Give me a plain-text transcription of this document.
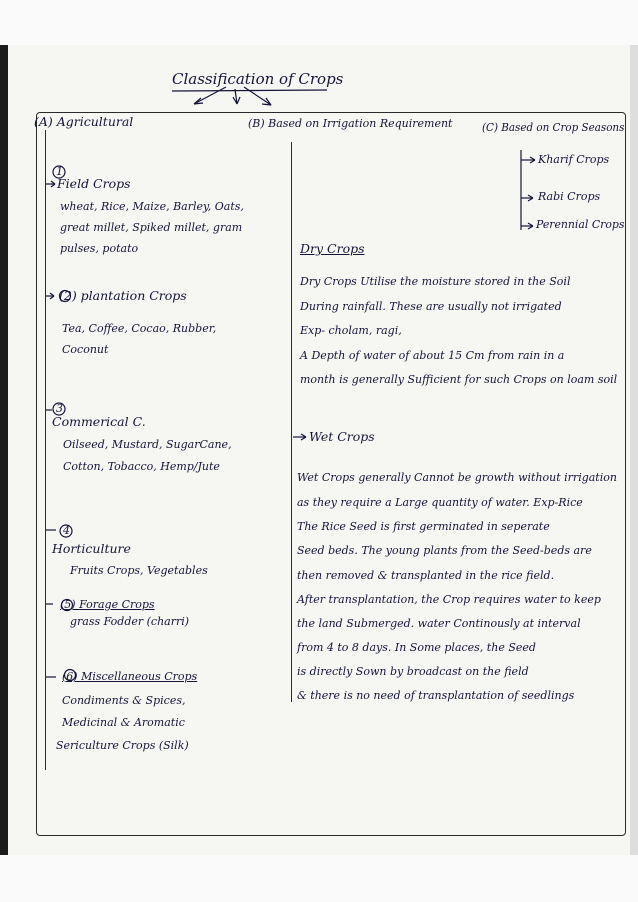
Classification of Crops
(A) Agricultural	(B) Based on Irrigation Requirement	(C) Based on Crop Seasons
Kharif Crops
Rabi Crops
Perennial Crops
1
Field Crops
wheat, Rice, Maize, Barley, Oats,
great millet, Spiked millet, gram
pulses, potato
(2) plantation Crops
Tea, Coffee, Cocao, Rubber,
Coconut
3
Commerical C.
Oilseed, Mustard, SugarCane,
Cotton, Tobacco, Hemp/Jute
4
Horticulture
Fruits Crops, Vegetables
(5) Forage Crops
grass Fodder (charri)
(6) Miscellaneous Crops
Condiments & Spices,
Medicinal & Aromatic
Sericulture Crops (Silk)
Dry Crops
Dry Crops Utilise the moisture stored in the Soil
During rainfall. These are usually not irrigated
Exp- cholam, ragi,
A Depth of water of about 15 Cm from rain in a
month is generally Sufficient for such Crops on loam soil
Wet Crops
Wet Crops generally Cannot be growth without irrigation
as they require a Large quantity of water. Exp-Rice
The Rice Seed is first germinated in seperate
Seed beds. The young plants from the Seed-beds are
then removed & transplanted in the rice field.
After transplantation, the Crop requires water to keep
the land Submerged. water Continously at interval
from 4 to 8 days. In Some places, the Seed
is directly Sown by broadcast on the field
& there is no need of transplantation of seedlings
